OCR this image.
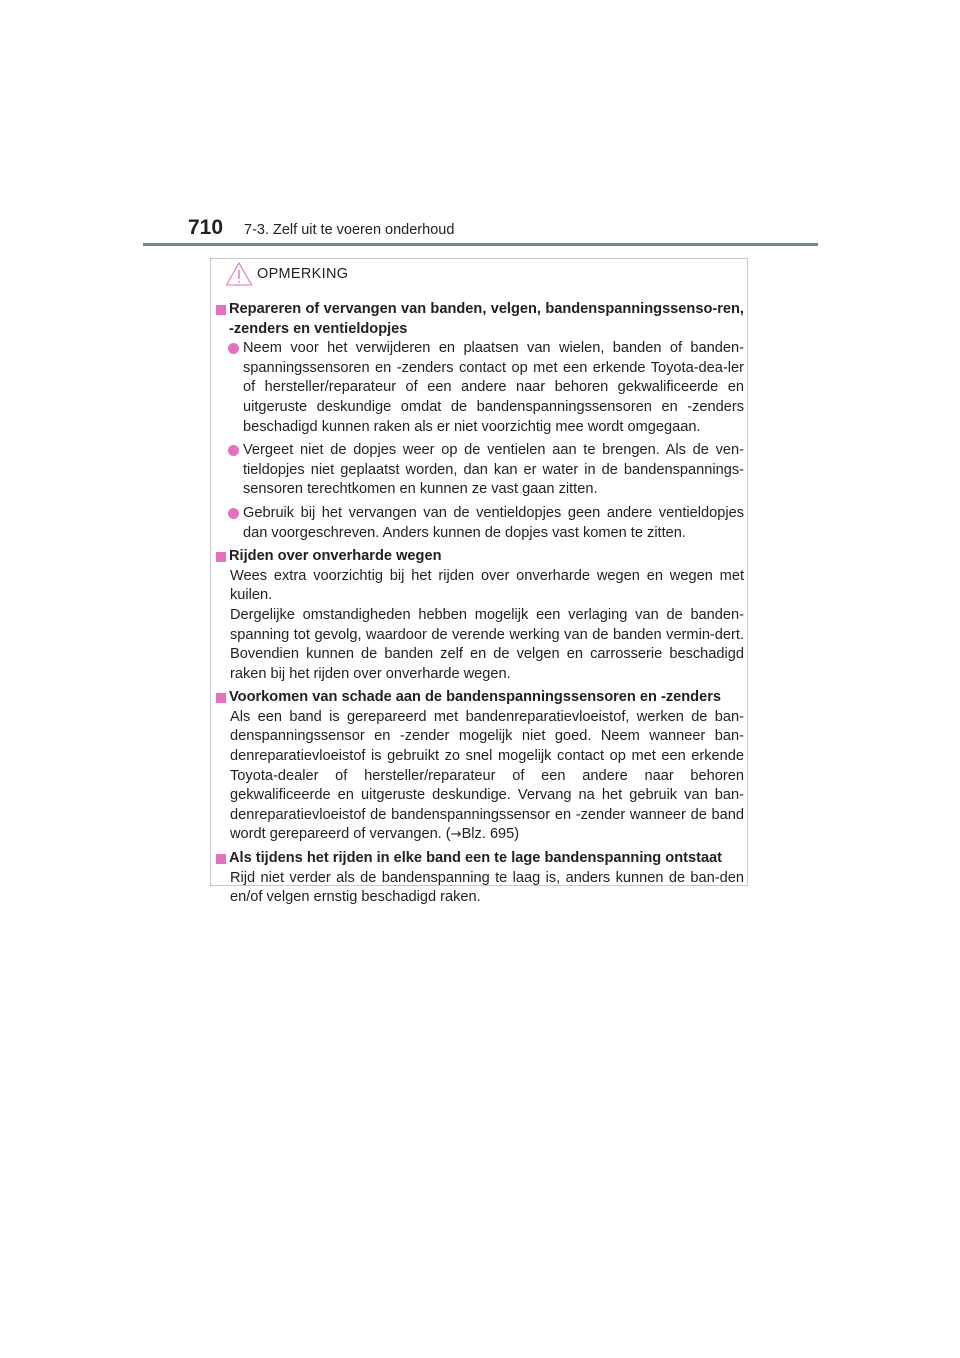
710 7-3. Zelf uit te voeren onderhoud
OPMERKING
Repareren of vervangen van banden, velgen, bandenspanningssenso-ren, -zenders en ventieldopjes
Neem voor het verwijderen en plaatsen van wielen, banden of banden-spanningssensoren en -zenders contact op met een erkende Toyota-dea-ler of hersteller/reparateur of een andere naar behoren gekwalificeerde en uitgeruste deskundige omdat de bandenspanningssensoren en -zenders beschadigd kunnen raken als er niet voorzichtig mee wordt omgegaan.
Vergeet niet de dopjes weer op de ventielen aan te brengen. Als de ven-tieldopjes niet geplaatst worden, dan kan er water in de bandenspannings-sensoren terechtkomen en kunnen ze vast gaan zitten.
Gebruik bij het vervangen van de ventieldopjes geen andere ventieldopjes dan voorgeschreven. Anders kunnen de dopjes vast komen te zitten.
Rijden over onverharde wegen
Wees extra voorzichtig bij het rijden over onverharde wegen en wegen met kuilen.
Dergelijke omstandigheden hebben mogelijk een verlaging van de banden-spanning tot gevolg, waardoor de verende werking van de banden vermin-dert. Bovendien kunnen de banden zelf en de velgen en carrosserie beschadigd raken bij het rijden over onverharde wegen.
Voorkomen van schade aan de bandenspanningssensoren en -zenders
Als een band is gerepareerd met bandenreparatievloeistof, werken de ban-denspanningssensor en -zender mogelijk niet goed. Neem wanneer ban-denreparatievloeistof is gebruikt zo snel mogelijk contact op met een erkende Toyota-dealer of hersteller/reparateur of een andere naar behoren gekwalificeerde en uitgeruste deskundige. Vervang na het gebruik van ban-denreparatievloeistof de bandenspanningssensor en -zender wanneer de band wordt gerepareerd of vervangen. (→Blz. 695)
Als tijdens het rijden in elke band een te lage bandenspanning ontstaat
Rijd niet verder als de bandenspanning te laag is, anders kunnen de ban-den en/of velgen ernstig beschadigd raken.
